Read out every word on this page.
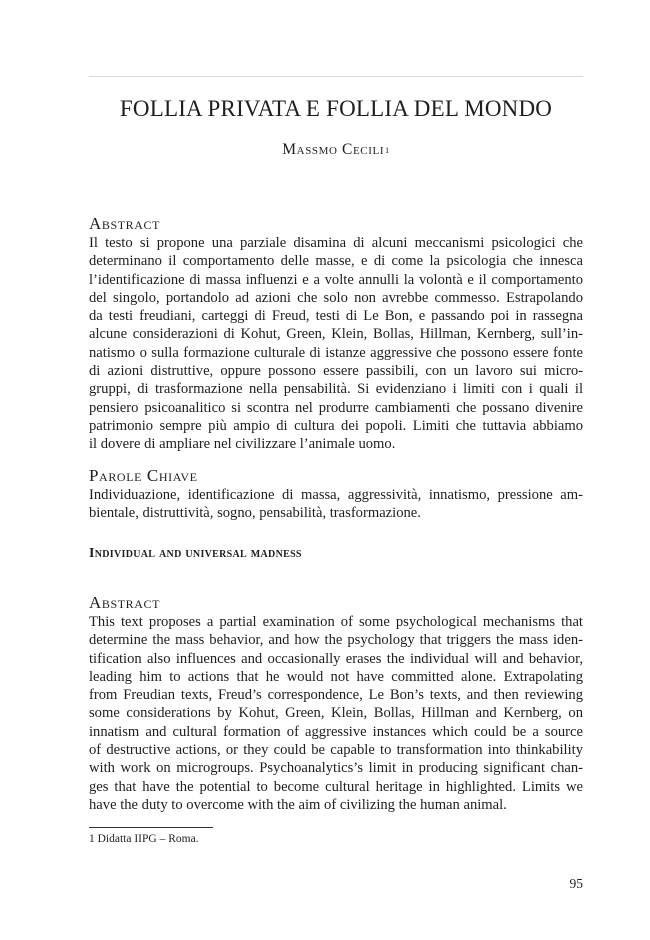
FOLLIA PRIVATA E FOLLIA DEL MONDO
Massmo Cecili$^1$
Abstract
Il testo si propone una parziale disamina di alcuni meccanismi psicologici che
determinano il comportamento delle masse, e di come la psicologia che innesca
l’identificazione di massa influenzi e a volte annulli la volontà e il comportamento
del singolo, portandolo ad azioni che solo non avrebbe commesso. Estrapolando
da testi freudiani, carteggi di Freud, testi di Le Bon, e passando poi in rassegna
alcune considerazioni di Kohut, Green, Klein, Bollas, Hillman, Kernberg, sull’in-
natismo o sulla formazione culturale di istanze aggressive che possono essere fonte
di azioni distruttive, oppure possono essere passibili, con un lavoro sui micro-
gruppi, di trasformazione nella pensabilità. Si evidenziano i limiti con i quali il
pensiero psicoanalitico si scontra nel produrre cambiamenti che possano divenire
patrimonio sempre più ampio di cultura dei popoli. Limiti che tuttavia abbiamo
il dovere di ampliare nel civilizzare l’animale uomo.
Parole Chiave
Individuazione, identificazione di massa, aggressività, innatismo, pressione am-
bientale, distruttività, sogno, pensabilità, trasformazione.
Individual and universal madness
Abstract
This text proposes a partial examination of some psychological mechanisms that
determine the mass behavior, and how the psychology that triggers the mass iden-
tification also influences and occasionally erases the individual will and behavior,
leading him to actions that he would not have committed alone. Extrapolating
from Freudian texts, Freud’s correspondence, Le Bon’s texts, and then reviewing
some considerations by Kohut, Green, Klein, Bollas, Hillman and Kernberg, on
innatism and cultural formation of aggressive instances which could be a source
of destructive actions, or they could be capable to transformation into thinkability
with work on microgroups. Psychoanalytics’s limit in producing significant chan-
ges that have the potential to become cultural heritage in highlighted. Limits we
have the duty to overcome with the aim of civilizing the human animal.
1 Didatta IIPG – Roma.
95
